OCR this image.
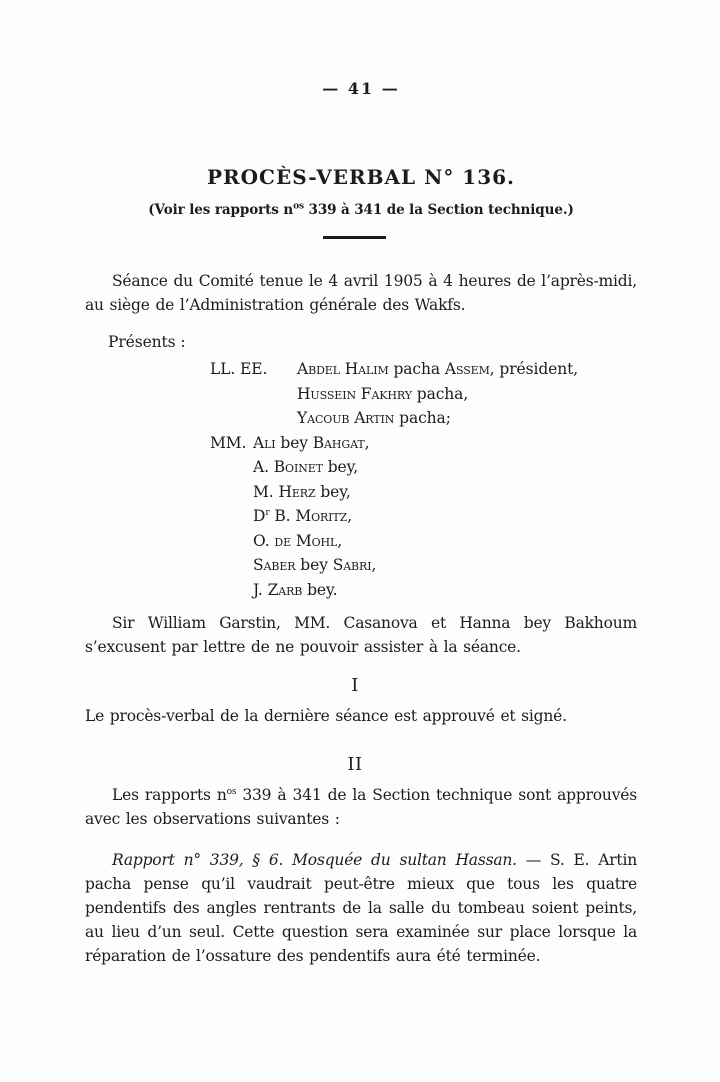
— 41 —
PROCÈS-VERBAL N° 136.
(Voir les rapports $n^{os}$ 339 à 341 de la Section technique.)

Séance du Comité tenue le 4 avril 1905 à 4 heures de l’après-midi, au siège de l’Administration générale des Wakfs.

Présents :
LL. EE.	Abdel Halim pacha Assem, président,
Hussein Fakhry pacha,
Yacoub Artin pacha;
MM. Ali bey Bahgat,
A. Boinet bey,
M. Herz bey,
$D^r$ B. Moritz,
O. de Mohl,
Saber bey Sabri,
J. Zarb bey.

Sir William Garstin, MM. Casanova et Hanna bey Bakhoum s’excusent par lettre de ne pouvoir assister à la séance.

I
Le procès-verbal de la dernière séance est approuvé et signé.
II

Les rapports $n^{os}$ 339 à 341 de la Section technique sont approuvés avec les observations suivantes :

Rapport n° 339, § 6. Mosquée du sultan Hassan. — S. E. Artin pacha pense qu’il vaudrait peut-être mieux que tous les quatre pendentifs des angles rentrants de la salle du tombeau soient peints, au lieu d’un seul. Cette question sera examinée sur place lorsque la réparation de l’ossature des pendentifs aura été terminée.
